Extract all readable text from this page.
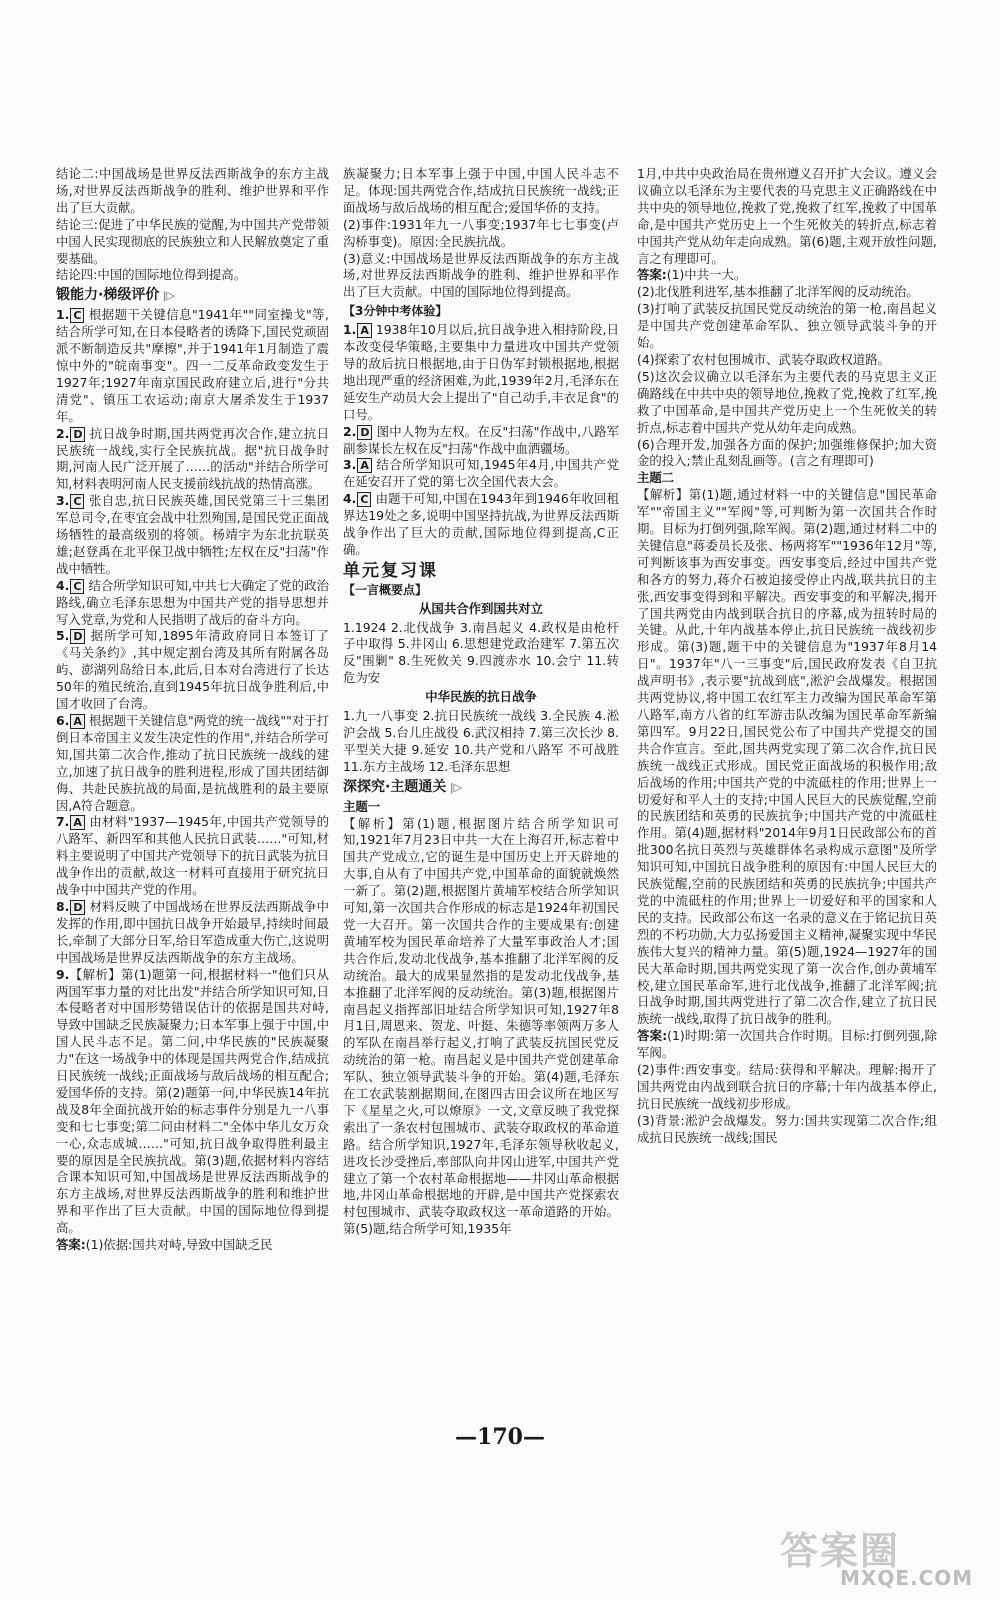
结论二:中国战场是世界反法西斯战争的东方主战场,对世界反法西斯战争的胜利、维护世界和平作出了巨大贡献。

结论三:促进了中华民族的觉醒,为中国共产党带领中国人民实现彻底的民族独立和人民解放奠定了重要基础。

结论四:中国的国际地位得到提高。

锻能力·梯级评价 |▷

1. C 根据题干关键信息"1941年""同室操戈"等,结合所学可知,在日本侵略者的诱降下,国民党顽固派不断制造反共"摩擦",并于1941年1月制造了震惊中外的"皖南事变"。四一二反革命政变发生于1927年;1927年南京国民政府建立后,进行"分共清党"、镇压工农运动;南京大屠杀发生于1937年。

2. D 抗日战争时期,国共两党再次合作,建立抗日民族统一战线,实行全民族抗战。据"抗日战争时期,河南人民广泛开展了……的活动"并结合所学可知,材料表明河南人民支援前线抗战的热情高涨。

3. C 张自忠,抗日民族英雄,国民党第三十三集团军总司令,在枣宜会战中壮烈殉国,是国民党正面战场牺牲的最高级别的将领。杨靖宇为东北抗联英雄;赵登禹在北平保卫战中牺牲;左权在反"扫荡"作战中牺牲。

4. C 结合所学知识可知,中共七大确定了党的政治路线,确立毛泽东思想为中国共产党的指导思想并写入党章,为党和人民指明了战后的奋斗方向。

5. D 据所学可知,1895年清政府同日本签订了《马关条约》,其中规定割台湾及其所有附属各岛屿、澎湖列岛给日本,此后,日本对台湾进行了长达50年的殖民统治,直到1945年抗日战争胜利后,中国才收回了台湾。

6. A 根据题干关键信息"两党的统一战线""对于打倒日本帝国主义发生决定性的作用",并结合所学可知,国共第二次合作,推动了抗日民族统一战线的建立,加速了抗日战争的胜利进程,形成了国共团结御侮、共赴民族抗战的局面,是抗战胜利的最主要原因,A符合题意。

7. A 由材料"1937—1945年,中国共产党领导的八路军、新四军和其他人民抗日武装……"可知,材料主要说明了中国共产党领导下的抗日武装为抗日战争作出的贡献,故这一材料可直接用于研究抗日战争中中国共产党的作用。

8. D 材料反映了中国战场在世界反法西斯战争中发挥的作用,即中国抗日战争开始最早,持续时间最长,牵制了大部分日军,给日军造成重大伤亡,这说明中国战场是世界反法西斯战争的东方主战场。

9.【解析】第(1)题第一问,根据材料一"他们只从两国军事力量的对比出发"并结合所学知识可知,日本侵略者对中国形势错误估计的依据是国共对峙,导致中国缺乏民族凝聚力;日本军事上强于中国,中国人民斗志不足。第二问,中华民族的"民族凝聚力"在这一场战争中的体现是国共两党合作,结成抗日民族统一战线;正面战场与敌后战场的相互配合;爱国华侨的支持。第(2)题第一问,中华民族14年抗战及8年全面抗战开始的标志事件分别是九一八事变和七七事变;第二问由材料二"全体中华儿女万众一心,众志成城……"可知,抗日战争取得胜利最主要的原因是全民族抗战。第(3)题,依据材料内容结合课本知识可知,中国战场是世界反法西斯战争的东方主战场,对世界反法西斯战争的胜利和维护世界和平作出了巨大贡献。中国的国际地位得到提高。

答案:(1)依据:国共对峙,导致中国缺乏民

族凝聚力;日本军事上强于中国,中国人民斗志不足。体现:国共两党合作,结成抗日民族统一战线;正面战场与敌后战场的相互配合;爱国华侨的支持。

(2)事件:1931年九一八事变;1937年七七事变(卢沟桥事变)。原因:全民族抗战。

(3)意义:中国战场是世界反法西斯战争的东方主战场,对世界反法西斯战争的胜利、维护世界和平作出了巨大贡献。中国的国际地位得到提高。

【3分钟中考体验】

1. A 1938年10月以后,抗日战争进入相持阶段,日本改变侵华策略,主要集中力量进攻中国共产党领导的敌后抗日根据地,由于日伪军封锁根据地,根据地出现严重的经济困难,为此,1939年2月,毛泽东在延安生产动员大会上提出了"自己动手,丰衣足食"的口号。

2. D 图中人物为左权。在反"扫荡"作战中,八路军副参谋长左权在反"扫荡"作战中血洒疆场。

3. A 结合所学知识可知,1945年4月,中国共产党在延安召开了党的第七次全国代表大会。

4. C 由题干可知,中国在1943年到1946年收回租界达19处之多,说明中国坚持抗战,为世界反法西斯战争作出了巨大的贡献,国际地位得到提高,C正确。

单元复习课
【一言概要点】
从国共合作到国共对立

1.1924 2.北伐战争 3.南昌起义 4.政权是由枪杆子中取得 5.井冈山 6.思想建党政治建军 7.第五次反"围剿" 8.生死攸关 9.四渡赤水 10.会宁 11.转危为安

中华民族的抗日战争

1.九一八事变 2.抗日民族统一战线 3.全民族 4.淞沪会战 5.台儿庄战役 6.武汉相持 7.第三次长沙 8.平型关大捷 9.延安 10.共产党和八路军 不可战胜 11.东方主战场 12.毛泽东思想

深探究·主题通关 |▷
主题一

【解析】第(1)题,根据图片结合所学知识可知,1921年7月23日中共一大在上海召开,标志着中国共产党成立,它的诞生是中国历史上开天辟地的大事,自从有了中国共产党,中国革命的面貌就焕然一新了。第(2)题,根据图片黄埔军校结合所学知识可知,第一次国共合作形成的标志是1924年初国民党一大召开。第一次国共合作的主要成果有:创建黄埔军校为国民革命培养了大量军事政治人才;国共合作后,发动北伐战争,基本推翻了北洋军阀的反动统治。最大的成果显然指的是发动北伐战争,基本推翻了北洋军阀的反动统治。第(3)题,根据图片南昌起义指挥部旧址结合所学知识可知,1927年8月1日,周恩来、贺龙、叶挺、朱德等率领两万多人的军队在南昌举行起义,打响了武装反抗国民党反动统治的第一枪。南昌起义是中国共产党创建革命军队、独立领导武装斗争的开始。第(4)题,毛泽东在工农武装割据期间,在图四古田会议所在地区写下《星星之火,可以燎原》一文,文章反映了我党探索出了一条农村包围城市、武装夺取政权的革命道路。结合所学知识,1927年,毛泽东领导秋收起义,进攻长沙受挫后,率部队向井冈山进军,中国共产党建立了第一个农村革命根据地——井冈山革命根据地,井冈山革命根据地的开辟,是中国共产党探索农村包围城市、武装夺取政权这一革命道路的开始。第(5)题,结合所学可知,1935年

1月,中共中央政治局在贵州遵义召开扩大会议。遵义会议确立以毛泽东为主要代表的马克思主义正确路线在中共中央的领导地位,挽救了党,挽救了红军,挽救了中国革命,是中国共产党历史上一个生死攸关的转折点,标志着中国共产党从幼年走向成熟。第(6)题,主观开放性问题,言之有理即可。

答案:(1)中共一大。

(2)北伐胜利进军,基本推翻了北洋军阀的反动统治。

(3)打响了武装反抗国民党反动统治的第一枪,南昌起义是中国共产党创建革命军队、独立领导武装斗争的开始。

(4)探索了农村包围城市、武装夺取政权道路。

(5)这次会议确立以毛泽东为主要代表的马克思主义正确路线在中共中央的领导地位,挽救了党,挽救了红军,挽救了中国革命,是中国共产党历史上一个生死攸关的转折点,标志着中国共产党从幼年走向成熟。

(6)合理开发,加强各方面的保护;加强维修保护;加大资金的投入;禁止乱刻乱画等。(言之有理即可)

主题二

【解析】第(1)题,通过材料一中的关键信息"国民革命军""帝国主义""军阀"等,可判断为第一次国共合作时期。目标为打倒列强,除军阀。第(2)题,通过材料二中的关键信息"蒋委员长及张、杨两将军""1936年12月"等,可判断该事为西安事变。西安事变后,经过中国共产党和各方的努力,蒋介石被迫接受停止内战,联共抗日的主张,西安事变得到和平解决。西安事变的和平解决,揭开了国共两党由内战到联合抗日的序幕,成为扭转时局的关键。从此,十年内战基本停止,抗日民族统一战线初步形成。第(3)题,题干中的关键信息为"1937年8月14日"。1937年"八一三事变"后,国民政府发表《自卫抗战声明书》,表示要"抗战到底",淞沪会战爆发。根据国共两党协议,将中国工农红军主力改编为国民革命军第八路军,南方八省的红军游击队改编为国民革命军新编第四军。9月22日,国民党公布了中国共产党提交的国共合作宣言。至此,国共两党实现了第二次合作,抗日民族统一战线正式形成。国民党正面战场的积极作用;敌后战场的作用;中国共产党的中流砥柱的作用;世界上一切爱好和平人士的支持;中国人民巨大的民族觉醒,空前的民族团结和英勇的民族抗争;中国共产党的中流砥柱作用。第(4)题,据材料"2014年9月1日民政部公布的首批300名抗日英烈与英雄群体名录构成示意图"及所学知识可知,中国抗日战争胜利的原因有:中国人民巨大的民族觉醒,空前的民族团结和英勇的民族抗争;中国共产党的中流砥柱的作用;世界上一切爱好和平的国家和人民的支持。民政部公布这一名录的意义在于铭记抗日英烈的不朽功勋,大力弘扬爱国主义精神,凝聚实现中华民族伟大复兴的精神力量。第(5)题,1924—1927年的国民大革命时期,国共两党实现了第一次合作,创办黄埔军校,建立国民革命军,进行北伐战争,推翻了北洋军阀;抗日战争时期,国共两党进行了第二次合作,建立了抗日民族统一战线,取得了抗日战争的胜利。

答案:(1)时期:第一次国共合作时期。目标:打倒列强,除军阀。

(2)事件:西安事变。结局:获得和平解决。理解:揭开了国共两党由内战到联合抗日的序幕;十年内战基本停止,抗日民族统一战线初步形成。

(3)背景:淞沪会战爆发。努力:国共实现第二次合作;组成抗日民族统一战线;国民

—170—
答案圈
MXQE.COM
